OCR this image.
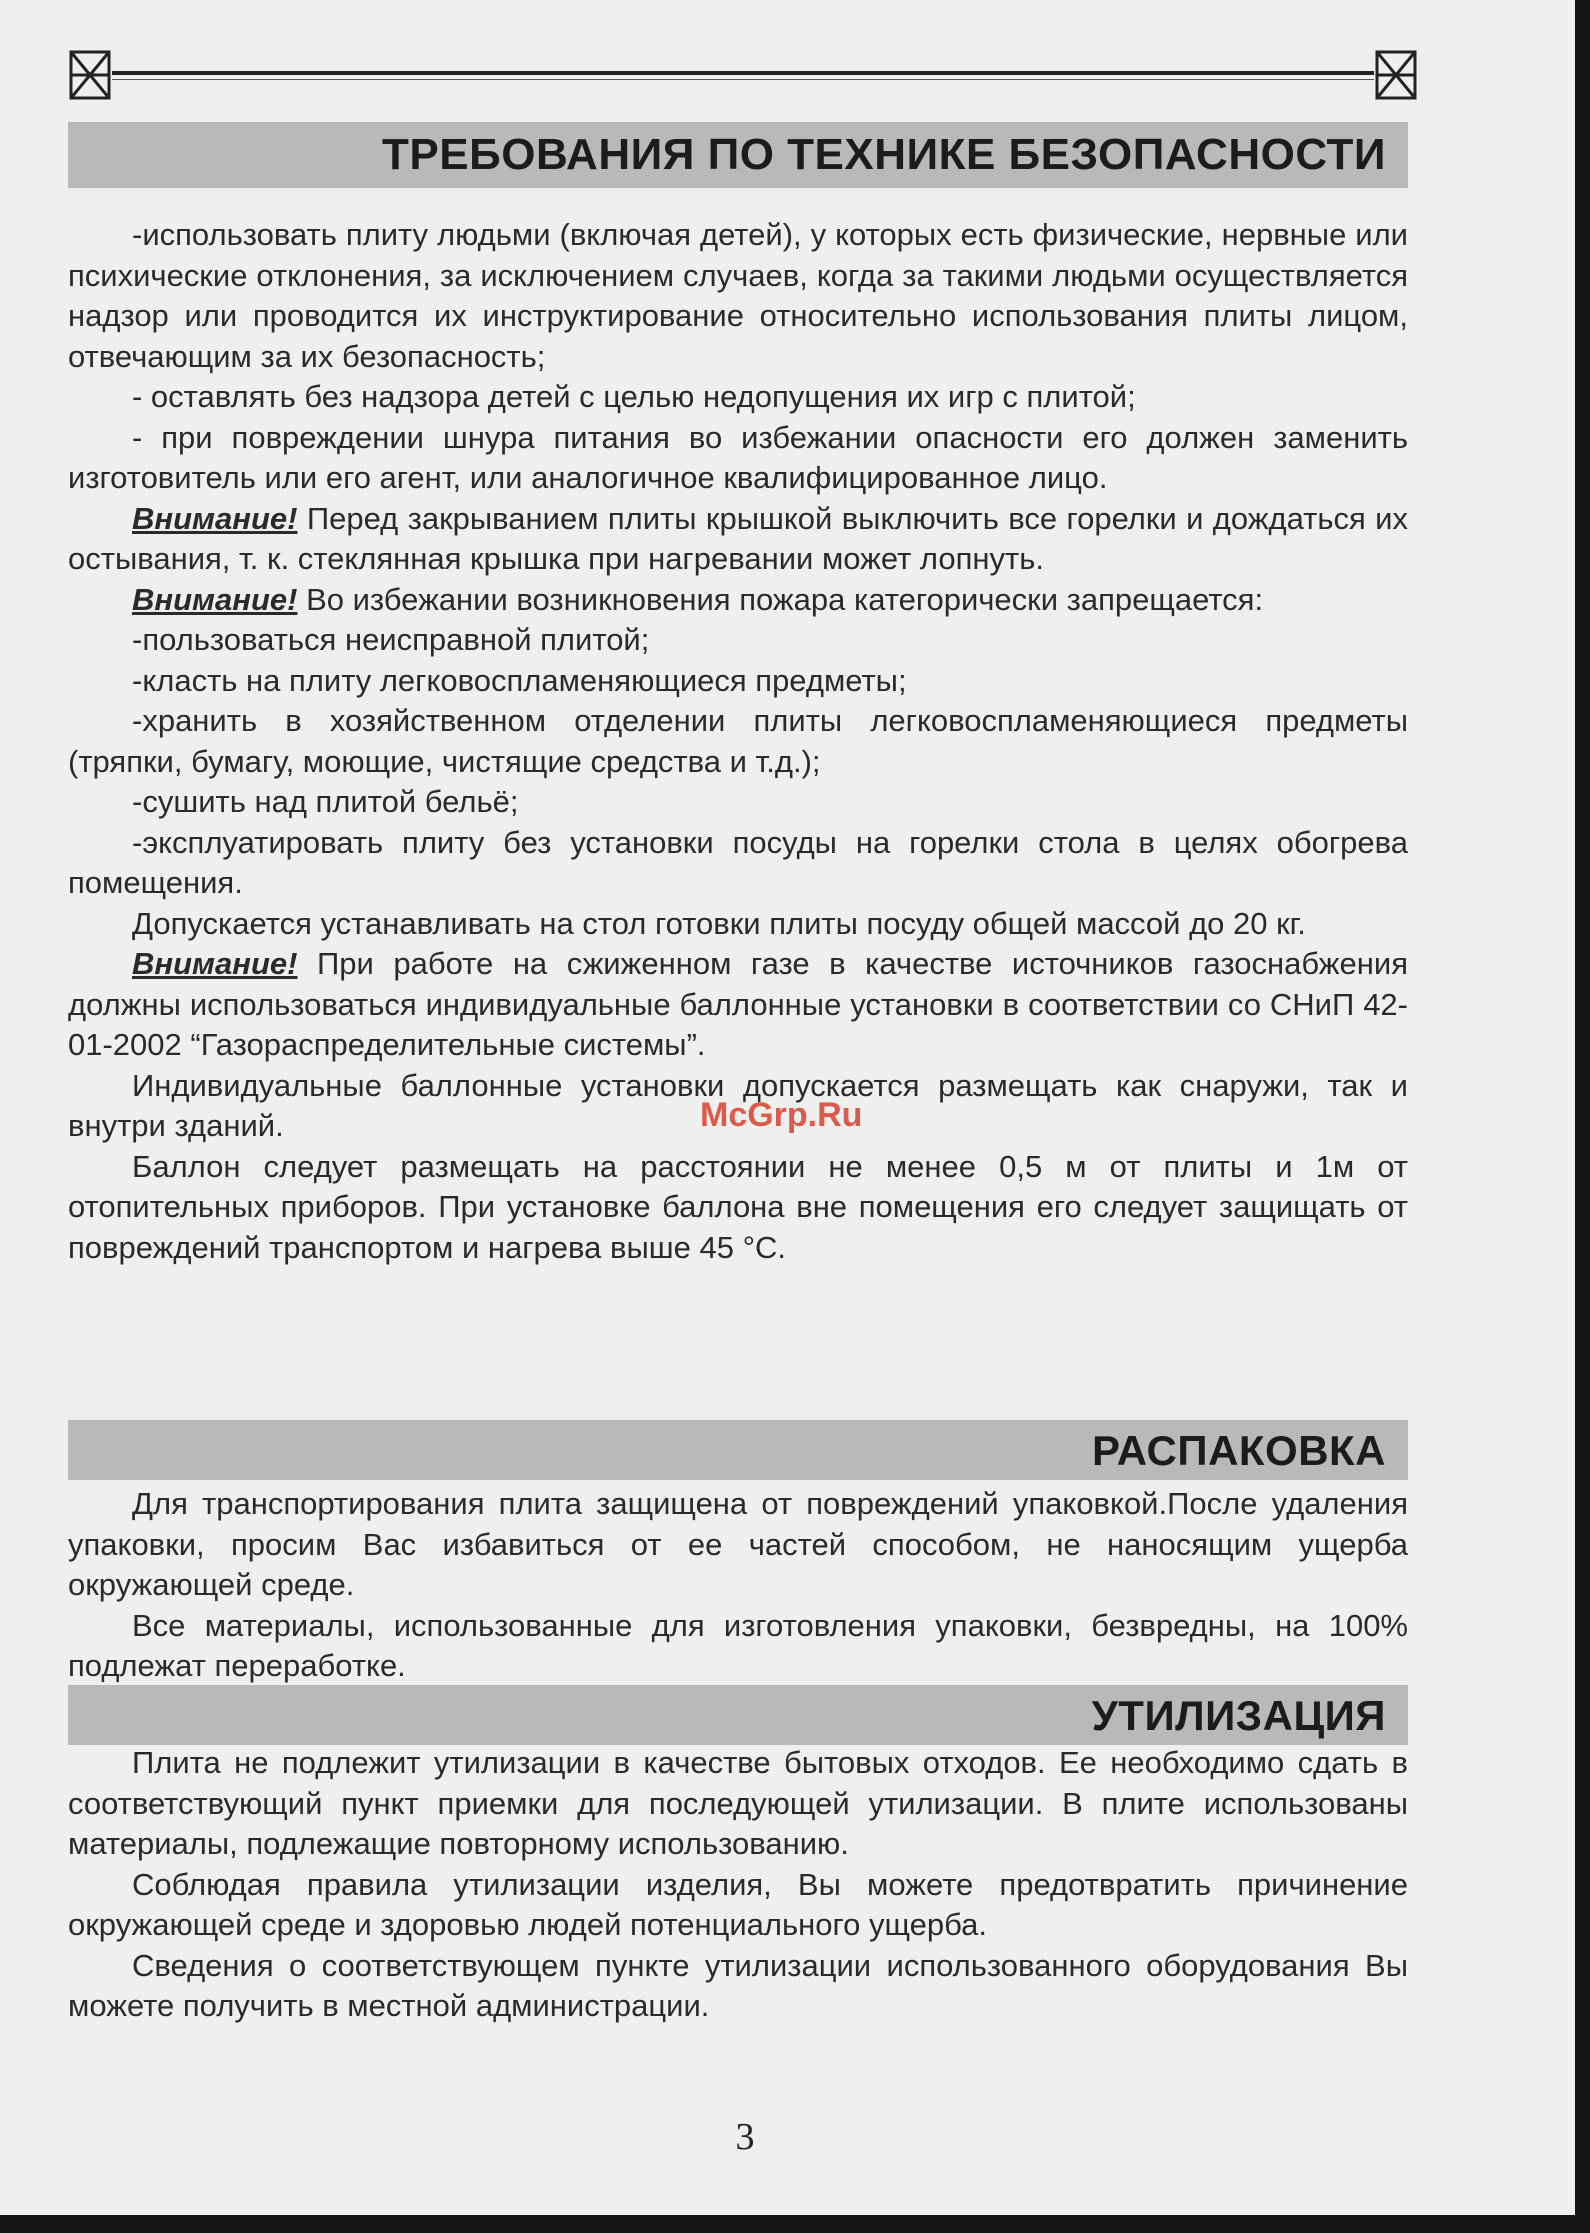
ТРЕБОВАНИЯ ПО ТЕХНИКЕ БЕЗОПАСНОСТИ

-использовать плиту людьми (включая детей), у которых есть физические, нервные или психические отклонения, за исключением случаев, когда за такими людьми осуществляется надзор или проводится их инструктирование относительно использования плиты лицом, отвечающим за их безопасность;

- оставлять без надзора детей с целью недопущения их игр с плитой;

- при повреждении шнура питания во избежании опасности его должен заменить изготовитель или его агент, или аналогичное квалифицированное лицо.

Внимание! Перед закрыванием плиты крышкой выключить все горелки и дождаться их остывания, т. к. стеклянная крышка при нагревании может лопнуть.

Внимание! Во избежании возникновения пожара категорически запрещается:

-пользоваться неисправной плитой;

-класть на плиту легковоспламеняющиеся предметы;

-хранить в хозяйственном отделении плиты легковоспламеняющиеся предметы (тряпки, бумагу, моющие, чистящие средства и т.д.);

-сушить над плитой бельё;

-эксплуатировать плиту без установки посуды на горелки стола в целях обогрева помещения.

Допускается устанавливать на стол готовки плиты посуду общей массой до 20 кг.

Внимание! При работе на сжиженном газе в качестве источников газоснабжения должны использоваться индивидуальные баллонные установки в соответствии со СНиП 42-01-2002 “Газораспределительные системы”.

Индивидуальные баллонные установки допускается размещать как снаружи, так и внутри зданий.

Баллон следует размещать на расстоянии не менее 0,5 м от плиты и 1м от отопительных приборов. При установке баллона вне помещения его следует защищать от повреждений транспортом и нагрева выше 45 °С.

McGrp.Ru
РАСПАКОВКА

Для транспортирования плита защищена от повреждений упаковкой.После удаления упаковки, просим Вас избавиться от ее частей способом, не наносящим ущерба окружающей среде.

Все материалы, использованные для изготовления упаковки, безвредны, на 100% подлежат переработке.

УТИЛИЗАЦИЯ

Плита не подлежит утилизации в качестве бытовых отходов. Ее необходимо сдать в соответствующий пункт приемки для последующей утилизации. В плите использованы материалы, подлежащие повторному использованию.

Соблюдая правила утилизации изделия, Вы можете предотвратить причинение окружающей среде и здоровью людей потенциального ущерба.

Сведения о соответствующем пункте утилизации использованного оборудования Вы можете получить в местной администрации.

3
